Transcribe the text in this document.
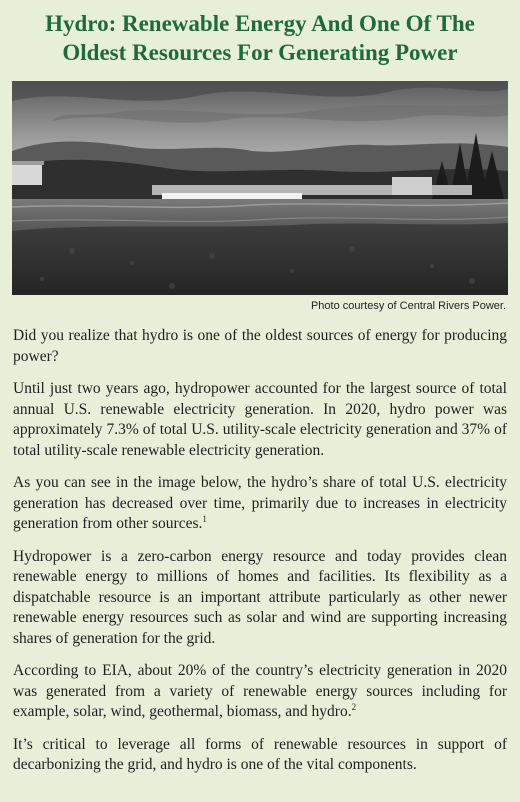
Hydro: Renewable Energy And One Of The
Oldest Resources For Generating Power
Photo courtesy of Central Rivers Power.

Did you realize that hydro is one of the oldest sources of energy for producing power?

Until just two years ago, hydropower accounted for the largest source of total annual U.S. renewable electricity generation. In 2020, hydro power was approximately 7.3% of total U.S. utility-scale electricity generation and 37% of total utility-scale renewable electricity generation.

As you can see in the image below, the hydro’s share of total U.S. electricity generation has decreased over time, primarily due to increases in electricity generation from other sources.$^1$

Hydropower is a zero-carbon energy resource and today provides clean renewable energy to millions of homes and facilities. Its flexibility as a dispatchable resource is an important attribute particularly as other newer renewable energy resources such as solar and wind are supporting increasing shares of generation for the grid.

According to EIA, about 20% of the country’s electricity generation in 2020 was generated from a variety of renewable energy sources including for example, solar, wind, geothermal, biomass, and hydro.$^2$

It’s critical to leverage all forms of renewable resources in support of decarbonizing the grid, and hydro is one of the vital components.
